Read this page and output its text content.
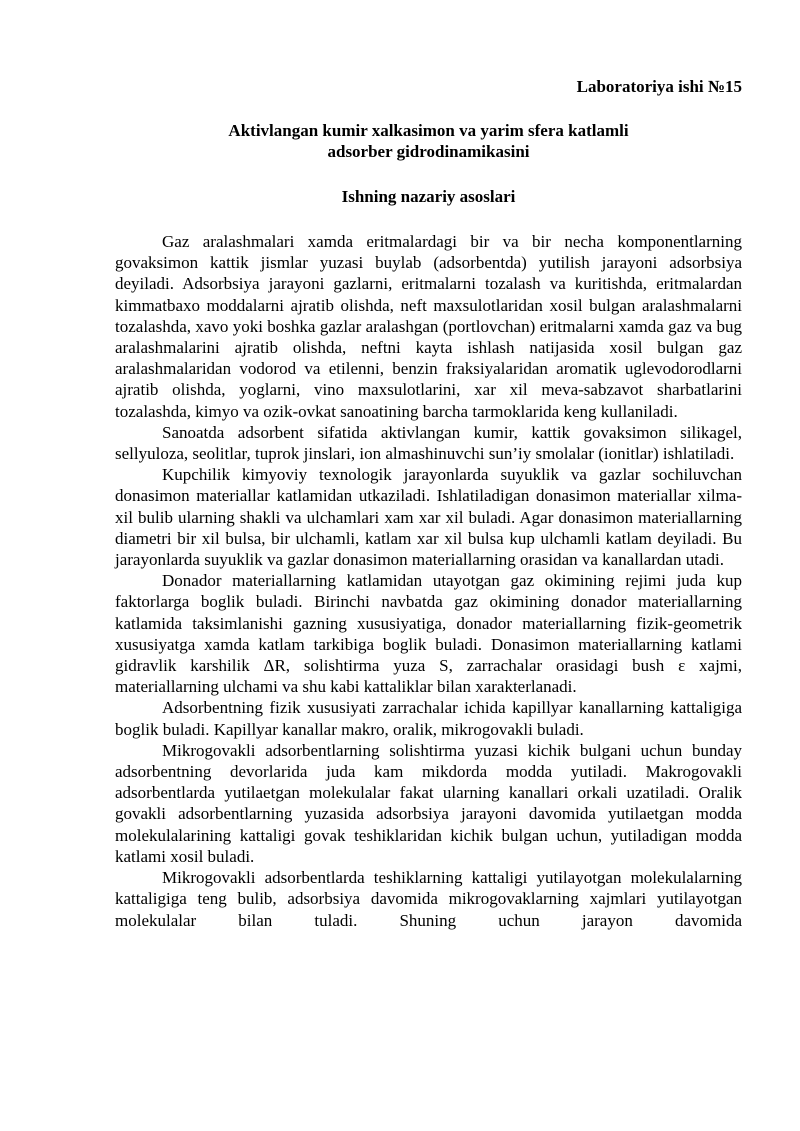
Laboratoriya ishi №15

Aktivlangan kumir xalkasimon va yarim sfera katlamli
adsorber gidrodinamikasini
Ishning nazariy asoslari

Gaz aralashmalari xamda eritmalardagi bir va bir necha komponentlarning govaksimon kattik jismlar yuzasi buylab (adsorbentda) yutilish jarayoni adsorbsiya deyiladi. Adsorbsiya jarayoni gazlarni, eritmalarni tozalash va kuritishda, eritmalardan kimmatbaxo moddalarni ajratib olishda, neft maxsulotlaridan xosil bulgan aralashmalarni tozalashda, xavo yoki boshka gazlar aralashgan (portlovchan) eritmalarni xamda gaz va bug aralashmalarini ajratib olishda, neftni kayta ishlash natijasida xosil bulgan gaz aralashmalaridan vodorod va etilenni, benzin fraksiyalaridan aromatik uglevodorodlarni ajratib olishda, yoglarni, vino maxsulotlarini, xar xil meva-sabzavot sharbatlarini tozalashda, kimyo va ozik-ovkat sanoatining barcha tarmoklarida keng kullaniladi.

Sanoatda adsorbent sifatida aktivlangan kumir, kattik govaksimon silikagel, sellyuloza, seolitlar, tuprok jinslari, ion almashinuvchi sun’iy smolalar (ionitlar) ishlatiladi.

Kupchilik kimyoviy texnologik jarayonlarda suyuklik va gazlar sochiluvchan donasimon materiallar katlamidan utkaziladi. Ishlatiladigan donasimon materiallar xilma-xil bulib ularning shakli va ulchamlari xam xar xil buladi. Agar donasimon materiallarning diametri bir xil bulsa, bir ulchamli, katlam xar xil bulsa kup ulchamli katlam deyiladi. Bu jarayonlarda suyuklik va gazlar donasimon materiallarning orasidan va kanallardan utadi.

Donador materiallarning katlamidan utayotgan gaz okimining rejimi juda kup faktorlarga boglik buladi. Birinchi navbatda gaz okimining donador materiallarning katlamida taksimlanishi gazning xususiyatiga, donador materiallarning fizik-geometrik xususiyatga xamda katlam tarkibiga boglik buladi. Donasimon materiallarning katlami gidravlik karshilik ΔR, solishtirma yuza S, zarrachalar orasidagi bush ε xajmi, materiallarning ulchami va shu kabi kattaliklar bilan xarakterlanadi.

Adsorbentning fizik xususiyati zarrachalar ichida kapillyar kanallarning kattaligiga boglik buladi. Kapillyar kanallar makro, oralik, mikrogovakli buladi.

Mikrogovakli adsorbentlarning solishtirma yuzasi kichik bulgani uchun bunday adsorbentning devorlarida juda kam mikdorda modda yutiladi. Makrogovakli adsorbentlarda yutilaetgan molekulalar fakat ularning kanallari orkali uzatiladi. Oralik govakli adsorbentlarning yuzasida adsorbsiya jarayoni davomida yutilaetgan modda molekulalarining kattaligi govak teshiklaridan kichik bulgan uchun, yutiladigan modda katlami xosil buladi.

Mikrogovakli adsorbentlarda teshiklarning kattaligi yutilayotgan molekulalarning kattaligiga teng bulib, adsorbsiya davomida mikrogovaklarning xajmlari yutilayotgan molekulalar bilan tuladi. Shuning uchun jarayon davomida
